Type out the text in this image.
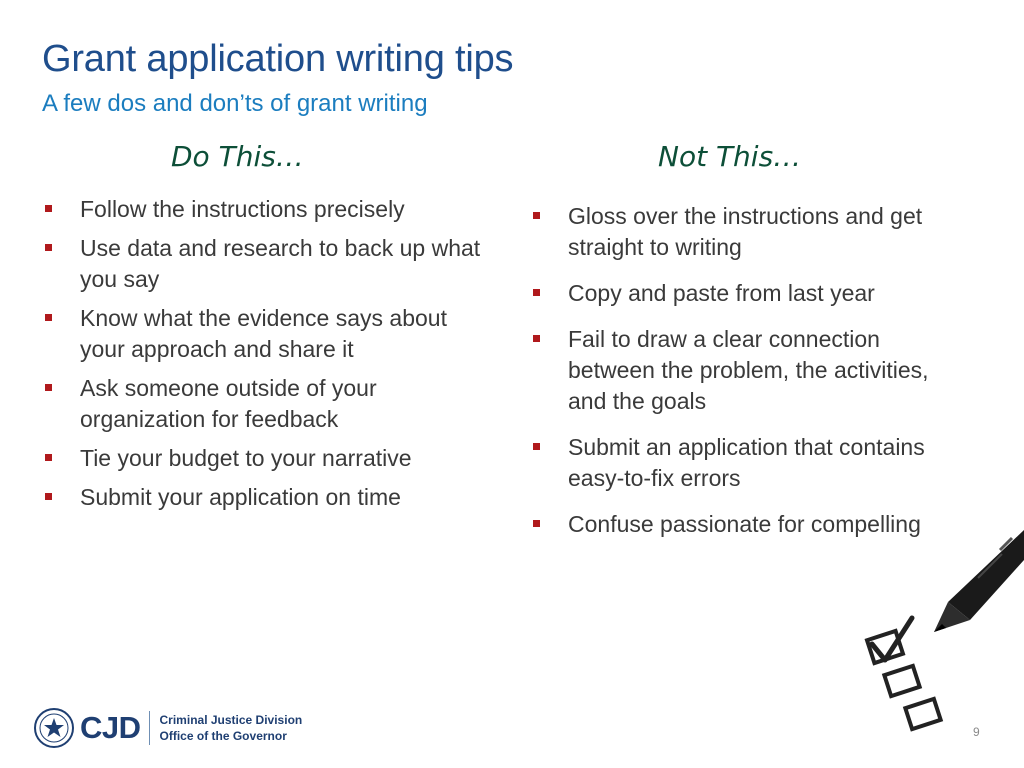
Grant application writing tips
A few dos and don’ts of grant writing
Do This…	Not This…
Follow the instructions precisely
Use data and research to back up what you say
Know what the evidence says about your approach and share it
Ask someone outside of your organization for feedback
Tie your budget to your narrative
Submit your application on time
Gloss over the instructions and get straight to writing
Copy and paste from last year
Fail to draw a clear connection between the problem, the activities, and the goals
Submit an application that contains easy-to-fix errors
Confuse passionate for compelling
CJD Criminal Justice Division
Office of the Governor	9
